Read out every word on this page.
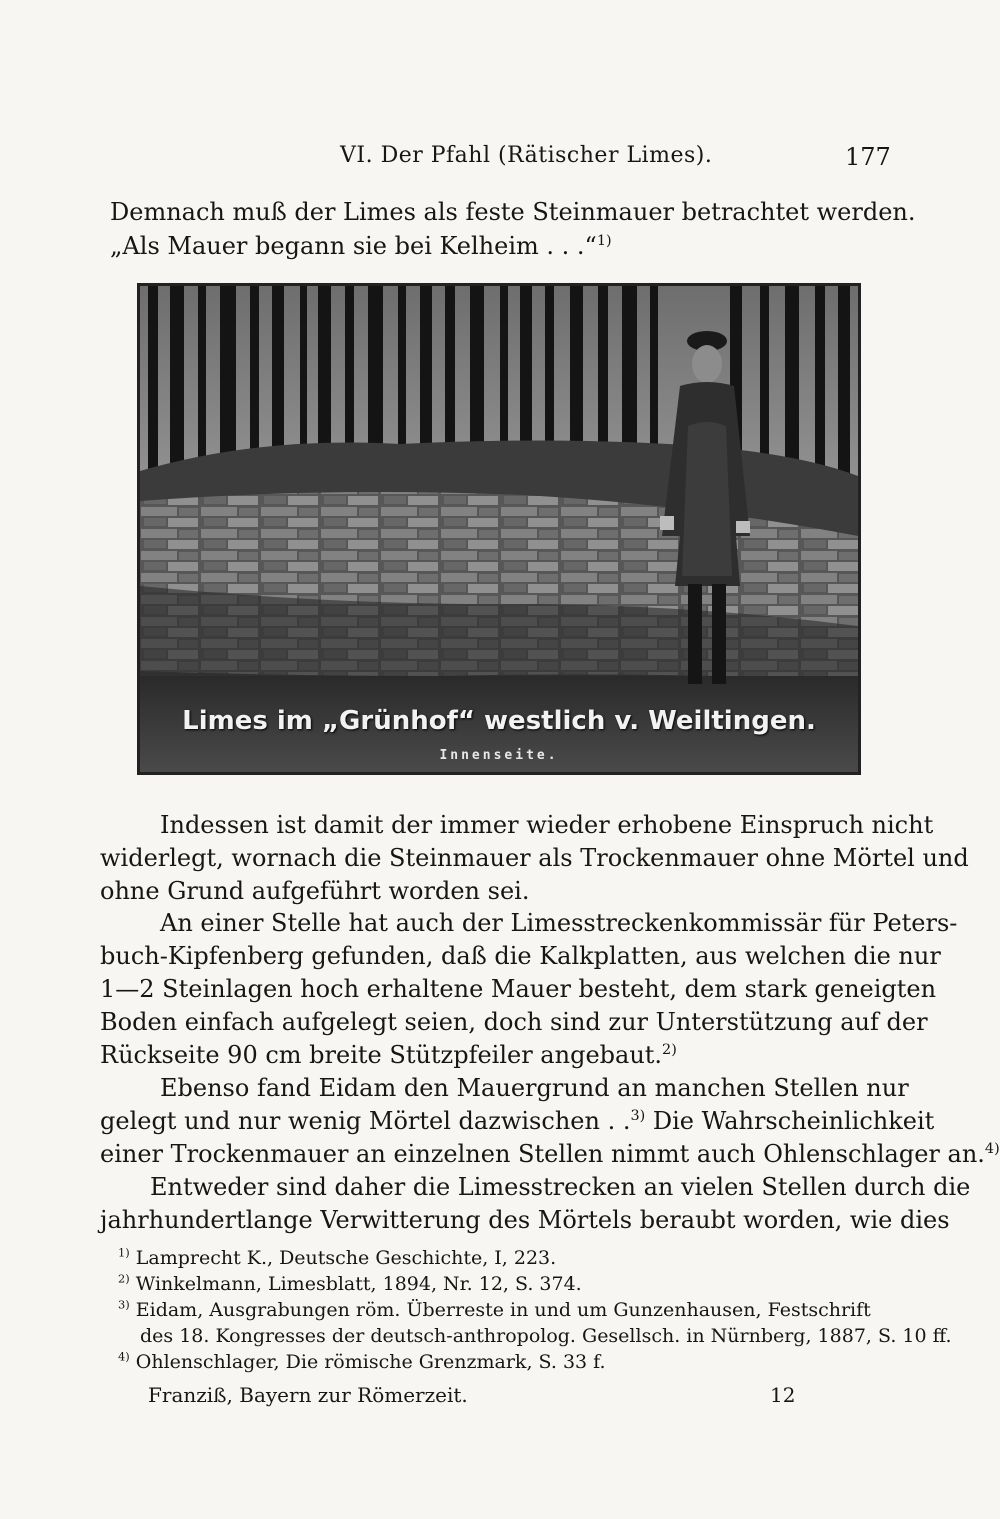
VI. Der Pfahl (Rätischer Limes).	177
Demnach muß der Limes als feste Steinmauer betrachtet werden.
„Als Mauer begann sie bei Kelheim . . .“$^{1)}$
Limes im „Grünhof“ westlich v. Weiltingen.
Innenseite.
Indessen ist damit der immer wieder erhobene Einspruch nicht
widerlegt, wornach die Steinmauer als Trockenmauer ohne Mörtel und
ohne Grund aufgeführt worden sei.
An einer Stelle hat auch der Limesstreckenkommissär für Peters-
buch-Kipfenberg gefunden, daß die Kalkplatten, aus welchen die nur
1—2 Steinlagen hoch erhaltene Mauer besteht, dem stark geneigten
Boden einfach aufgelegt seien, doch sind zur Unterstützung auf der
Rückseite 90 cm breite Stützpfeiler angebaut.$^{2)}$
Ebenso fand Eidam den Mauergrund an manchen Stellen nur
gelegt und nur wenig Mörtel dazwischen . .$^{3)}$ Die Wahrscheinlichkeit
einer Trockenmauer an einzelnen Stellen nimmt auch Ohlenschlager an.$^{4)}$
Entweder sind daher die Limesstrecken an vielen Stellen durch die
jahrhundertlange Verwitterung des Mörtels beraubt worden, wie dies
$^{1)}$ Lamprecht K., Deutsche Geschichte, I, 223.
$^{2)}$ Winkelmann, Limesblatt, 1894, Nr. 12, S. 374.
$^{3)}$ Eidam, Ausgrabungen röm. Überreste in und um Gunzenhausen, Festschrift
des 18. Kongresses der deutsch-anthropolog. Gesellsch. in Nürnberg, 1887, S. 10 ff.
$^{4)}$ Ohlenschlager, Die römische Grenzmark, S. 33 f.
Franziß, Bayern zur Römerzeit.	12
